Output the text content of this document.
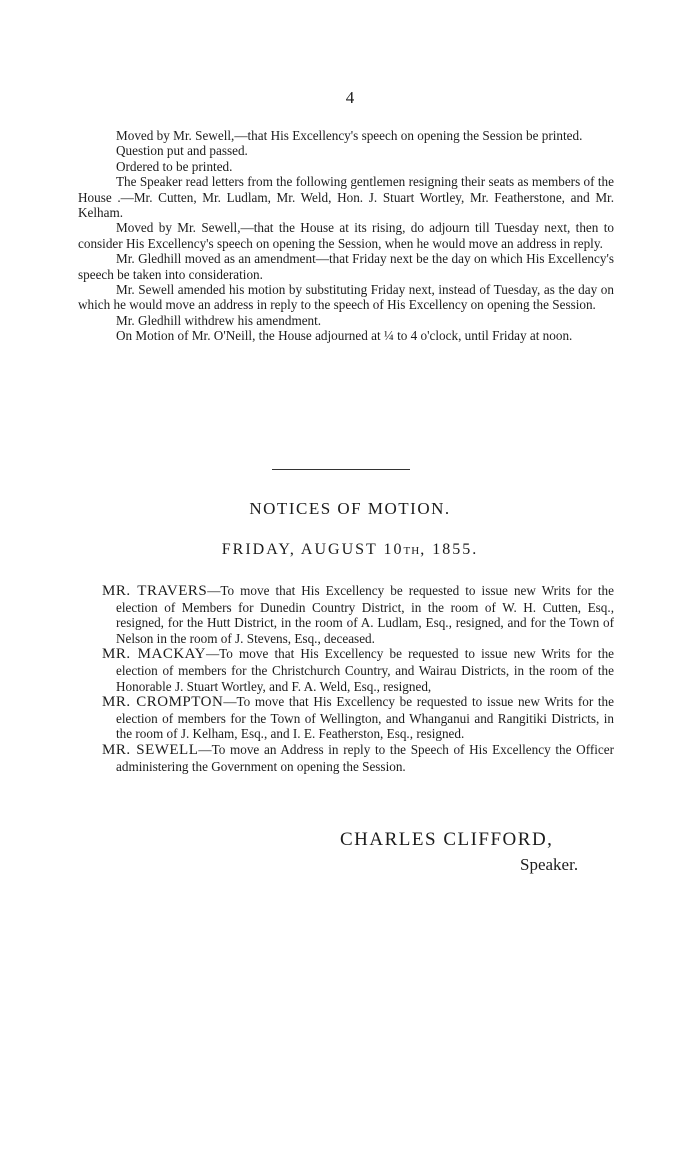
4

Moved by Mr. Sewell,—that His Excellency's speech on opening the Session be printed.

Question put and passed.

Ordered to be printed.

The Speaker read letters from the following gentlemen resigning their seats as members of the House .—Mr. Cutten, Mr. Ludlam, Mr. Weld, Hon. J. Stuart Wortley, Mr. Featherstone, and Mr. Kelham.

Moved by Mr. Sewell,—that the House at its rising, do adjourn till Tuesday next, then to consider His Excellency's speech on opening the Session, when he would move an address in reply.

Mr. Gledhill moved as an amendment—that Friday next be the day on which His Excellency's speech be taken into consideration.

Mr. Sewell amended his motion by substituting Friday next, instead of Tuesday, as the day on which he would move an address in reply to the speech of His Excellency on opening the Session.

Mr. Gledhill withdrew his amendment.

On Motion of Mr. O'Neill, the House adjourned at ¼ to 4 o'clock, until Friday at noon.

NOTICES OF MOTION.
FRIDAY, AUGUST 10TH, 1855.

MR. TRAVERS—To move that His Excellency be requested to issue new Writs for the election of Members for Dunedin Country District, in the room of W. H. Cutten, Esq., resigned, for the Hutt District, in the room of A. Ludlam, Esq., resigned, and for the Town of Nelson in the room of J. Stevens, Esq., deceased.

MR. MACKAY—To move that His Excellency be requested to issue new Writs for the election of members for the Christchurch Country, and Wairau Districts, in the room of the Honorable J. Stuart Wortley, and F. A. Weld, Esq., resigned,

MR. CROMPTON—To move that His Excellency be requested to issue new Writs for the election of members for the Town of Wellington, and Whanganui and Rangitiki Districts, in the room of J. Kelham, Esq., and I. E. Featherston, Esq., resigned.

MR. SEWELL—To move an Address in reply to the Speech of His Excellency the Officer administering the Government on opening the Session.

CHARLES CLIFFORD,
Speaker.
